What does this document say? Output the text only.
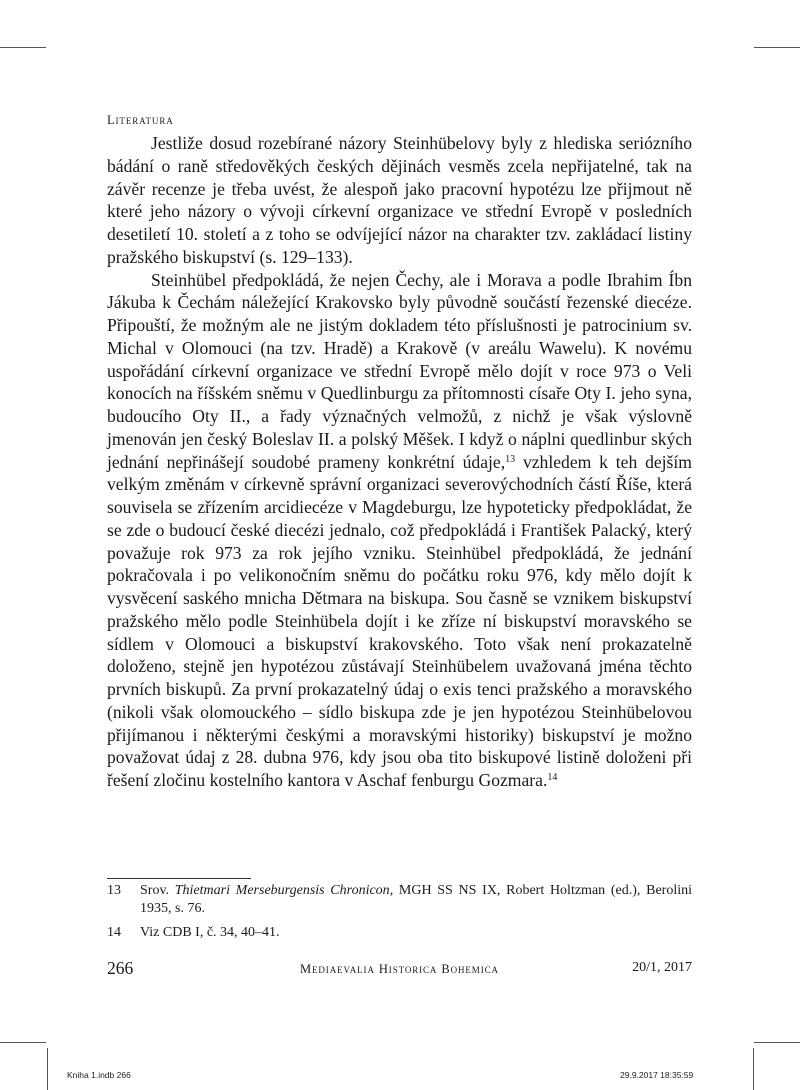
Literatura

Jestliže dosud rozebírané názory Steinhübelovy byly z hlediska seriózního bádání o raně středověkých českých dějinách vesměs zcela nepřijatelné, tak na závěr recenze je třeba uvést, že alespoň jako pracovní hypotézu lze přijmout ně které jeho názory o vývoji církevní organizace ve střední Evropě v posledních desetiletí 10. století a z toho se odvíjející názor na charakter tzv. zakládací listiny pražského biskupství (s. 129–133).

Steinhübel předpokládá, že nejen Čechy, ale i Morava a podle Ibrahim Íbn Jákuba k Čechám náležející Krakovsko byly původně součástí řezenské diecéze. Připouští, že možným ale ne jistým dokladem této příslušnosti je patrocinium sv. Michal v Olomouci (na tzv. Hradě) a Krakově (v areálu Wawelu). K novému uspořádání církevní organizace ve střední Evropě mělo dojít v roce 973 o Veli konocích na říšském sněmu v Quedlinburgu za přítomnosti císaře Oty I. jeho syna, budoucího Oty II., a řady význačných velmožů, z nichž je však výslovně jmenován jen český Boleslav II. a polský Měšek. I když o náplni quedlinbur ských jednání nepřinášejí soudobé prameny konkrétní údaje,$^{13}$ vzhledem k teh dejším velkým změnám v církevně správní organizaci severovýchodních částí Říše, která souvisela se zřízením arcidiecéze v Magdeburgu, lze hypoteticky předpokládat, že se zde o budoucí české diecézi jednalo, což předpokládá i František Palacký, který považuje rok 973 za rok jejího vzniku. Steinhübel předpokládá, že jednání pokračovala i po velikonočním sněmu do počátku roku 976, kdy mělo dojít k vysvěcení saského mnicha Dětmara na biskupa. Sou časně se vznikem biskupství pražského mělo podle Steinhübela dojít i ke zříze ní biskupství moravského se sídlem v Olomouci a biskupství krakovského. Toto však není prokazatelně doloženo, stejně jen hypotézou zůstávají Steinhübelem uvažovaná jména těchto prvních biskupů. Za první prokazatelný údaj o exis tenci pražského a moravského (nikoli však olomouckého – sídlo biskupa zde je jen hypotézou Steinhübelovou přijímanou i některými českými a moravskými historiky) biskupství je možno považovat údaj z 28. dubna 976, kdy jsou oba tito biskupové listině doloženi při řešení zločinu kostelního kantora v Aschaf fenburgu Gozmara.$^{14}$

13	Srov. Thietmari Merseburgensis Chronicon, MGH SS NS IX, Robert Holtzman (ed.), Berolini 1935, s. 76.
14	Viz CDB I, č. 34, 40–41.
266	Mediaevalia Historica Bohemica	20/1, 2017
Kniha 1.indb 266	29.9.2017 18:35:59
